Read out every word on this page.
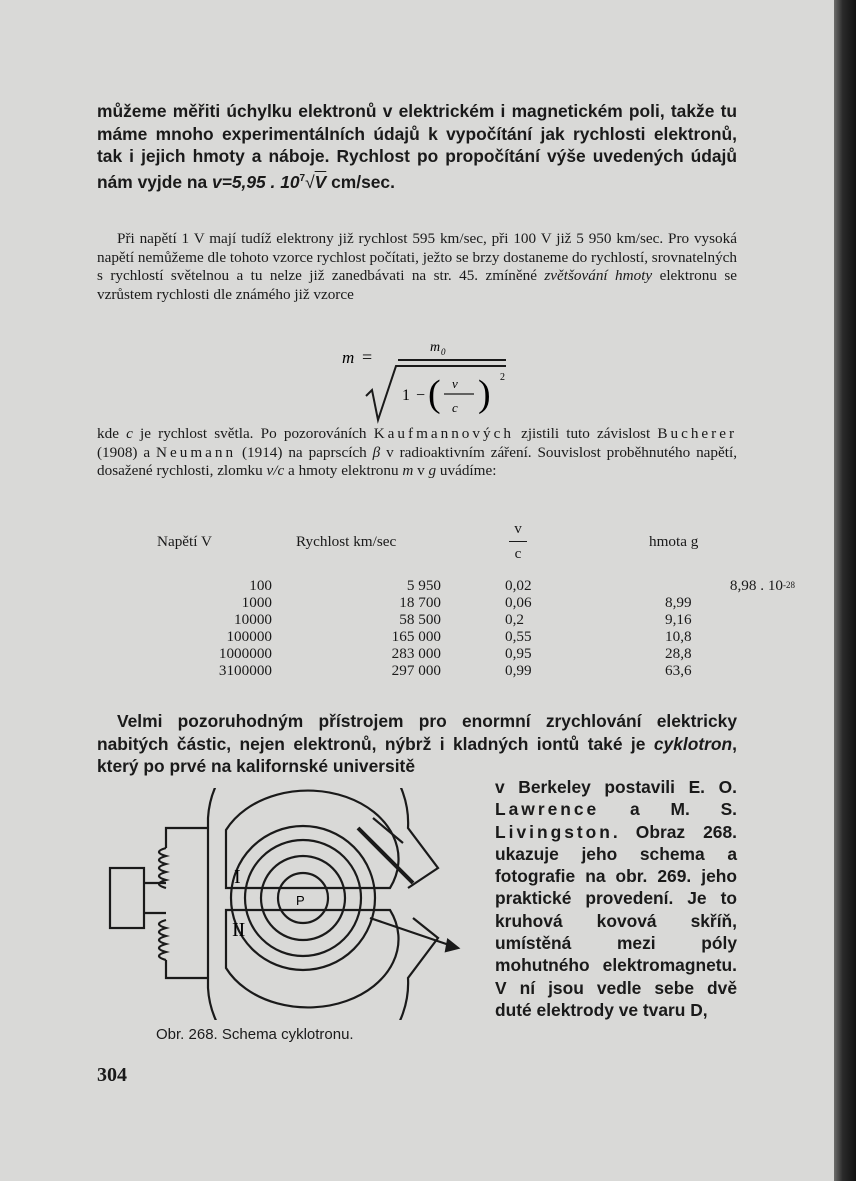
můžeme měřiti úchylku elektronů v elektrickém i magnetickém poli, takže tu máme mnoho experimentálních údajů k vypočítání jak rychlosti elektronů, tak i jejich hmoty a náboje. Rychlost po propočítání výše uvedených údajů nám vyjde na v=5,95 . $10^7√V$ cm/sec.

Při napětí 1 V mají tudíž elektrony již rychlost 595 km/sec, při 100 V již 5 950 km/sec. Pro vysoká napětí nemůžeme dle tohoto vzorce rychlost počítati, ježto se brzy dostaneme do rychlostí, srovnatelných s rychlostí světelnou a tu nelze již zanedbávati na str. 45. zmíněné zvětšování hmoty elektronu se vzrůstem rychlosti dle známého již vzorce

m =	m 0
1 − ( )
v
c
2

kde c je rychlost světla. Po pozorováních Kaufmannových zjistili tuto závislost Bucherer (1908) a Neumann (1914) na paprscích β v radioaktivním záření. Souvislost proběhnutého napětí, dosažené rychlosti, zlomku v/c a hmoty elektronu m v g uvádíme:

Napětí V	Rychlost km/sec	$\frac{v}{c}$	hmota g
100	5 950	0,02	8,98 . $10^{-28}$
1000	18 700	0,06	8,99
10000	58 500	0,2	9,16
100000	165 000	0,55	10,8
1000000	283 000	0,95	28,8
3100000	297 000	0,99	63,6

Velmi pozoruhodným přístrojem pro enormní zrychlování elektricky nabitých částic, nejen elektronů, nýbrž i kladných iontů také je cyklotron, který po prvé na kalifornské universitě

v Berkeley postavili E. O. Lawrence a M. S. Livingston. Obraz 268. ukazuje jeho schema a fotografie na obr. 269. jeho praktické provedení. Je to kruhová kovová skříň, umístěná mezi póly mohutného elektromagnetu. V ní jsou vedle sebe dvě duté elektrody ve tvaru D,

I
II
P
Obr. 268. Schema cyklotronu.
304
